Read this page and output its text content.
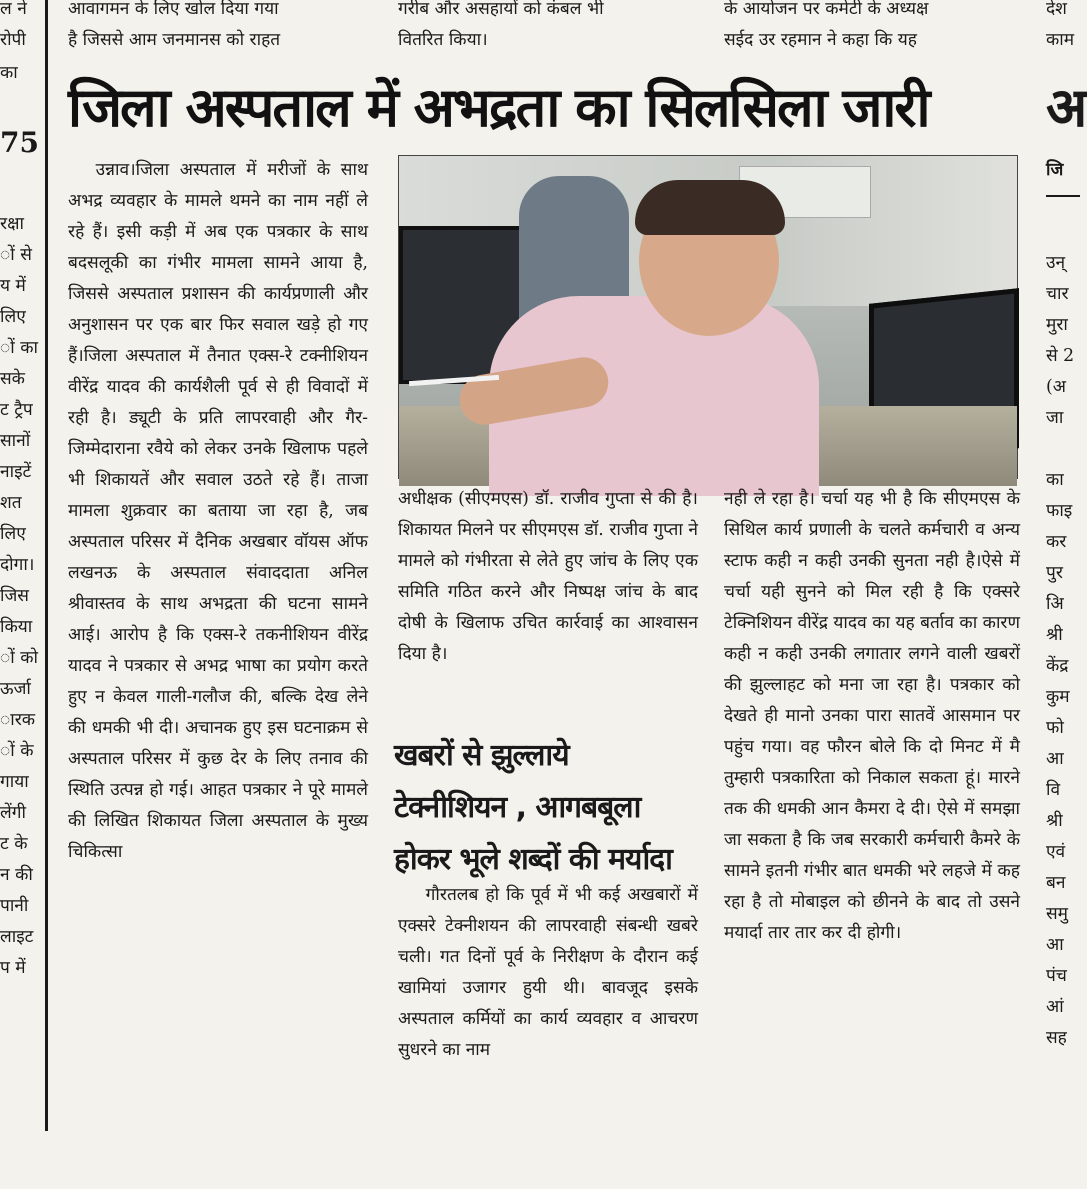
ल ने
रोपी
आवागमन के लिए खोल दिया गया
है जिससे आम जनमानस को राहत
गरीब और असहायों को कंबल भी
वितरित किया।
के आयोजन पर कमेटी के अध्यक्ष
सईद उर रहमान ने कहा कि यह
देश
काम
का
75
रक्षा
ों से
य में
लिए
ों का
सके
ट ट्रैप
सानों
नाइटें
शत
लिए
दोगा।
जिस
किया
ों को
ऊर्जा
ारक
ों के
गाया
लेंगी
ट के
न की
पानी
लाइट
प में
जिला अस्पताल में अभद्रता का सिलसिला जारी

उन्नाव।जिला अस्पताल में मरीजों के साथ अभद्र व्यवहार के मामले थमने का नाम नहीं ले रहे हैं। इसी कड़ी में अब एक पत्रकार के साथ बदसलूकी का गंभीर मामला सामने आया है, जिससे अस्पताल प्रशासन की कार्यप्रणाली और अनुशासन पर एक बार फिर सवाल खड़े हो गए हैं।जिला अस्पताल में तैनात एक्स-रे टक्नीशियन वीरेंद्र यादव की कार्यशैली पूर्व से ही विवादों में रही है। ड्यूटी के प्रति लापरवाही और गैर-जिम्मेदाराना रवैये को लेकर उनके खिलाफ पहले भी शिकायतें और सवाल उठते रहे हैं। ताजा मामला शुक्रवार का बताया जा रहा है, जब अस्पताल परिसर में दैनिक अखबार वॉयस ऑफ लखनऊ के अस्पताल संवाददाता अनिल श्रीवास्तव के साथ अभद्रता की घटना सामने आई। आरोप है कि एक्स-रे तकनीशियन वीरेंद्र यादव ने पत्रकार से अभद्र भाषा का प्रयोग करते हुए न केवल गाली-गलौज की, बल्कि देख लेने की धमकी भी दी। अचानक हुए इस घटनाक्रम से अस्पताल परिसर में कुछ देर के लिए तनाव की स्थिति उत्पन्न हो गई। आहत पत्रकार ने पूरे मामले की लिखित शिकायत जिला अस्पताल के मुख्य चिकित्सा

अधीक्षक (सीएमएस) डॉ. राजीव गुप्ता से की है।शिकायत मिलने पर सीएमएस डॉ. राजीव गुप्ता ने मामले को गंभीरता से लेते हुए जांच के लिए एक समिति गठित करने और निष्पक्ष जांच के बाद दोषी के खिलाफ उचित कार्रवाई का आश्वासन दिया है।

खबरों से झुल्लाये
टेक्नीशियन , आगबबूला
होकर भूले शब्दों की मर्यादा

गौरतलब हो कि पूर्व में भी कई अखबारों में एक्सरे टेक्नीशयन की लापरवाही संबन्धी खबरे चली। गत दिनों पूर्व के निरीक्षण के दौरान कई खामियां उजागर हुयी थी। बावजूद इसके अस्पताल कर्मियों का कार्य व्यवहार व आचरण सुधरने का नाम

नही ले रहा है। चर्चा यह भी है कि सीएमएस के सिथिल कार्य प्रणाली के चलते कर्मचारी व अन्य स्टाफ कही न कही उनकी सुनता नही है।ऐसे में चर्चा यही सुनने को मिल रही है कि एक्सरे टेक्निशियन वीरेंद्र यादव का यह बर्ताव का कारण कही न कही उनकी लगातार लगने वाली खबरों की झुल्लाहट को मना जा रहा है। पत्रकार को देखते ही मानो उनका पारा सातवें आसमान पर पहुंच गया। वह फौरन बोले कि दो मिनट में मै तुम्हारी पत्रकारिता को निकाल सकता हूं। मारने तक की धमकी आन कैमरा दे दी। ऐसे में समझा जा सकता है कि जब सरकारी कर्मचारी कैमरे के सामने इतनी गंभीर बात धमकी भरे लहजे में कह रहा है तो मोबाइल को छीनने के बाद तो उसने मयार्दा तार तार कर दी होगी।

अ
जि
उन्
चार
मुरा
से 2
(अ
जा
का
फाइ
कर
पुर
अि
श्री
केंद्र
कुम
फो
आ
वि
श्री
एवं
बन
समु
आ
पंच
आं
सह
